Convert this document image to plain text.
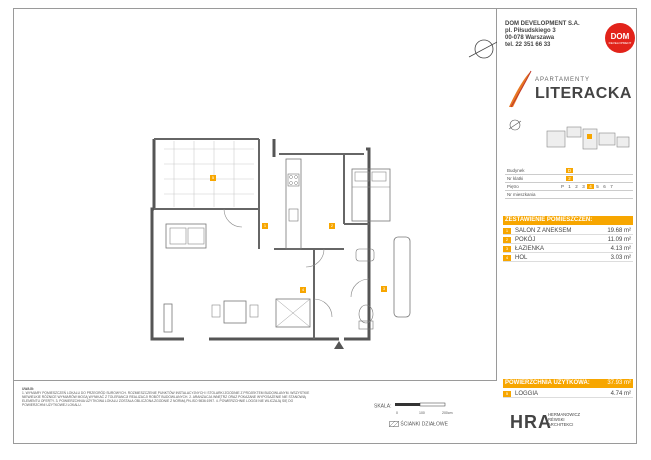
5
1	2
4	3
DOM DEVELOPMENT S.A.
pl. Piłsudskiego 3
00-078 Warszawa
tel. 22 351 66 33
DOM
DEVELOPMENT
APARTAMENTY
LITERACKA
Budynek	D
Nr klatki	2
Piętro	P 1 2 3 4 5 6 7
Nr mieszkania
ZESTAWIENIE POMIESZCZEŃ:
1	SALON Z ANEKSEM	19.68 m²
2	POKÓJ	11.09 m²
3	ŁAZIENKA	4.13 m²
4	HOL	3.03 m²
POWIERZCHNIA UŻYTKOWA:	37.93 m²
5	LOGGIA	4.74 m²
UWAGI:
1. WYMIARY POMIESZCZEŃ LOKALU DO PRZEGRÓD SUROWYCH. ROZMIESZCZENIE PUNKTÓW INSTALACYJNYCH I STOLARKI ZGODNIE Z PROJEKTEM BUDOWLANYM. WSZYSTKIE NIEWIELKIE RÓŻNICE WYMIARÓW MOGĄ WYNIKAĆ Z TOLERANCJI REALIZACJI ROBÓT BUDOWLANYCH. 2. ARANŻACJA WNĘTRZ ORAZ POKAZANE WYPOSAŻENIE NIE STANOWIĄ ELEMENTU OFERTY. 3. POWIERZCHNIA UŻYTKOWA LOKALU ZOSTAŁA OBLICZONA ZGODNIE Z NORMĄ PN-ISO 9836:1997. 4. POWIERZCHNIE LOGGII NIE WLICZAJĄ SIĘ DO POWIERZCHNI UŻYTKOWEJ LOKALU.	SKALA:
0	100	200cm
ŚCIANKI DZIAŁOWE	HRA
HERMANOWICZ
RÉWSKI
ARCHITEKCI
